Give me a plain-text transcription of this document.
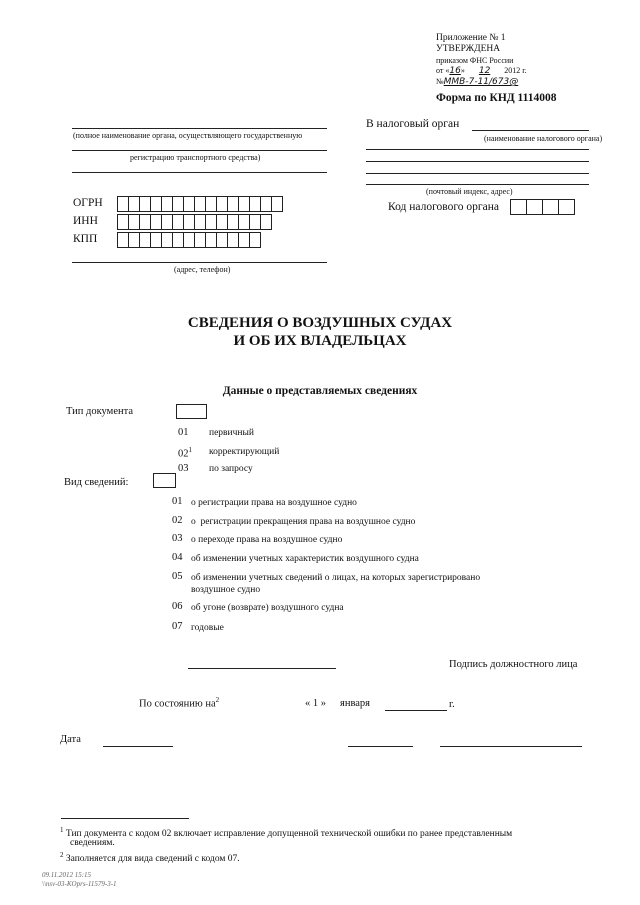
Приложение № 1
УТВЕРЖДЕНА
приказом ФНС России
от «16» 12 2012 г.
№ММВ-7-11/673@
Форма по КНД 1114008
(полное наименование органа, осуществляющего государственную
регистрацию транспортного средства)
ОГРН
ИНН
КПП
(адрес, телефон)
В налоговый орган
(наименование налогового органа)
(почтовый индекс, адрес)
Код налогового органа
СВЕДЕНИЯ О ВОЗДУШНЫХ СУДАХ
И ОБ ИХ ВЛАДЕЛЬЦАХ
Данные о представляемых сведениях
Тип документа
01 первичный
$02^1$ корректирующий
03 по запросу
Вид сведений:
01 о регистрации права на воздушное судно
02 о  регистрации прекращения права на воздушное судно
03 о переходе права на воздушное судно
04 об изменении учетных характеристик воздушного судна
05 об изменении учетных сведений о лицах, на которых зарегистрировано
воздушное судно
06 об угоне (возврате) воздушного судна
07 годовые
Подпись должностного лица
По состоянию $на^2$	« 1 » января	г.
Дата
$^1$ Тип документа с кодом 02 включает исправление допущенной технической ошибки по ранее представленным
сведениям.
$^2$ Заполняется для вида сведений с кодом 07.
09.11.2012 15:15
\\nsv-03-KOprs-11579-3-1
